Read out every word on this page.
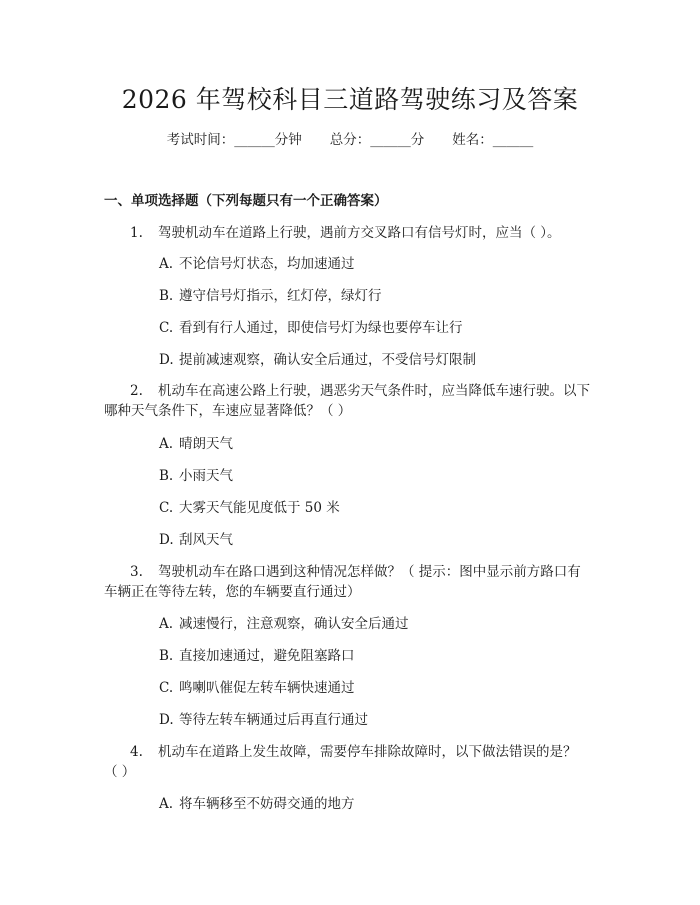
2026 年驾校科目三道路驾驶练习及答案
考试时间：______分钟 总分：______分 姓名：______
一、单项选择题（下列每题只有一个正确答案）
1. 驾驶机动车在道路上行驶，遇前方交叉路口有信号灯时，应当（ ）。
A. 不论信号灯状态，均加速通过
B. 遵守信号灯指示，红灯停，绿灯行
C. 看到有行人通过，即使信号灯为绿也要停车让行
D. 提前减速观察，确认安全后通过，不受信号灯限制
2. 机动车在高速公路上行驶，遇恶劣天气条件时，应当降低车速行驶。以下
哪种天气条件下，车速应显著降低？（ ）
A. 晴朗天气
B. 小雨天气
C. 大雾天气能见度低于 50 米
D. 刮风天气
3. 驾驶机动车在路口遇到这种情况怎样做？（ 提示：图中显示前方路口有
车辆正在等待左转，您的车辆要直行通过）
A. 减速慢行，注意观察，确认安全后通过
B. 直接加速通过，避免阻塞路口
C. 鸣喇叭催促左转车辆快速通过
D. 等待左转车辆通过后再直行通过
4. 机动车在道路上发生故障，需要停车排除故障时，以下做法错误的是？
（ ）
A. 将车辆移至不妨碍交通的地方
